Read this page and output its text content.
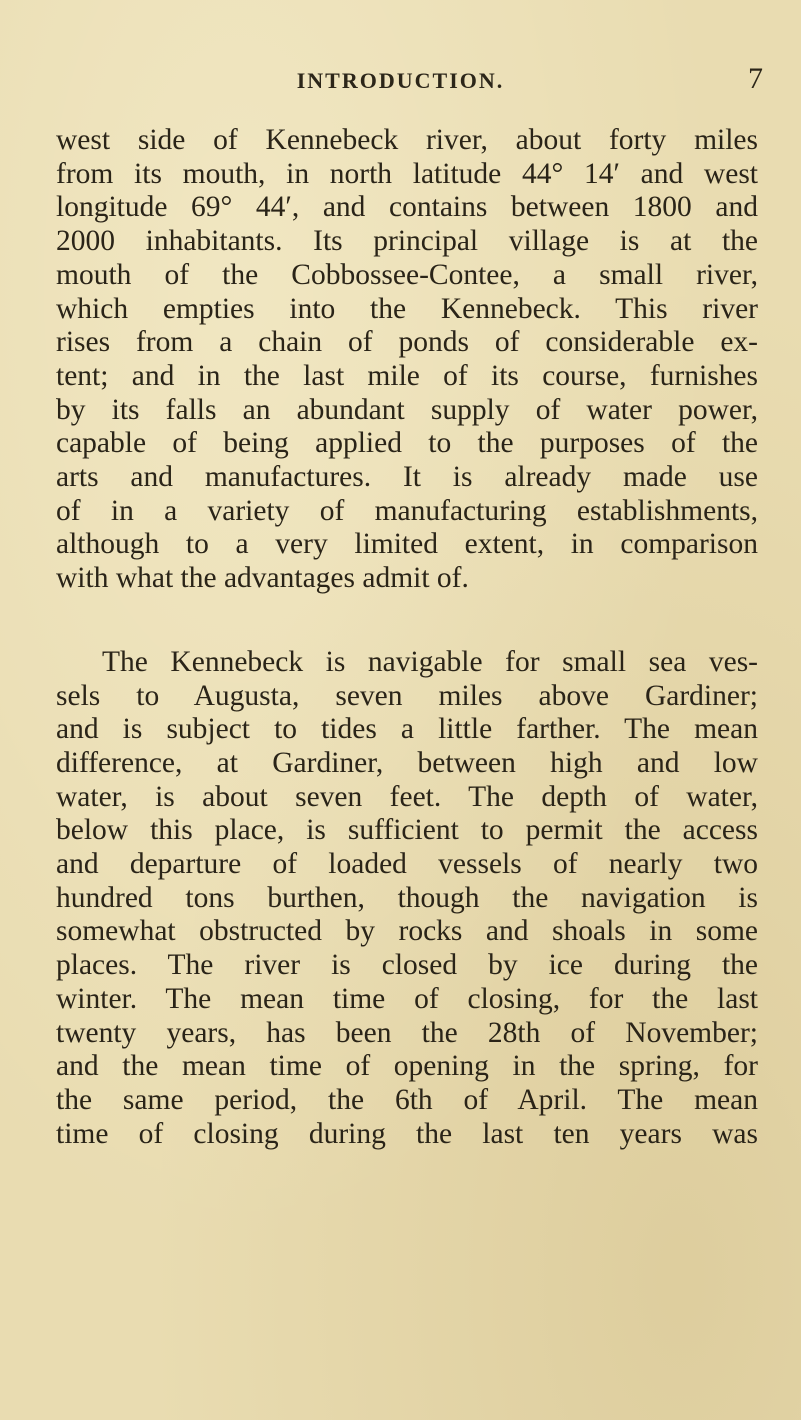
INTRODUCTION.	7
west side of Kennebeck river, about forty miles
from its mouth, in north latitude 44° 14′ and west
longitude 69° 44′, and contains between 1800 and
2000 inhabitants. Its principal village is at the
mouth of the Cobbossee-Contee, a small river,
which empties into the Kennebeck. This river
rises from a chain of ponds of considerable ex-
tent; and in the last mile of its course, furnishes
by its falls an abundant supply of water power,
capable of being applied to the purposes of the
arts and manufactures. It is already made use
of in a variety of manufacturing establishments,
although to a very limited extent, in comparison
with what the advantages admit of.
The Kennebeck is navigable for small sea ves-
sels to Augusta, seven miles above Gardiner;
and is subject to tides a little farther. The mean
difference, at Gardiner, between high and low
water, is about seven feet. The depth of water,
below this place, is sufficient to permit the access
and departure of loaded vessels of nearly two
hundred tons burthen, though the navigation is
somewhat obstructed by rocks and shoals in some
places. The river is closed by ice during the
winter. The mean time of closing, for the last
twenty years, has been the 28th of November;
and the mean time of opening in the spring, for
the same period, the 6th of April. The mean
time of closing during the last ten years was
